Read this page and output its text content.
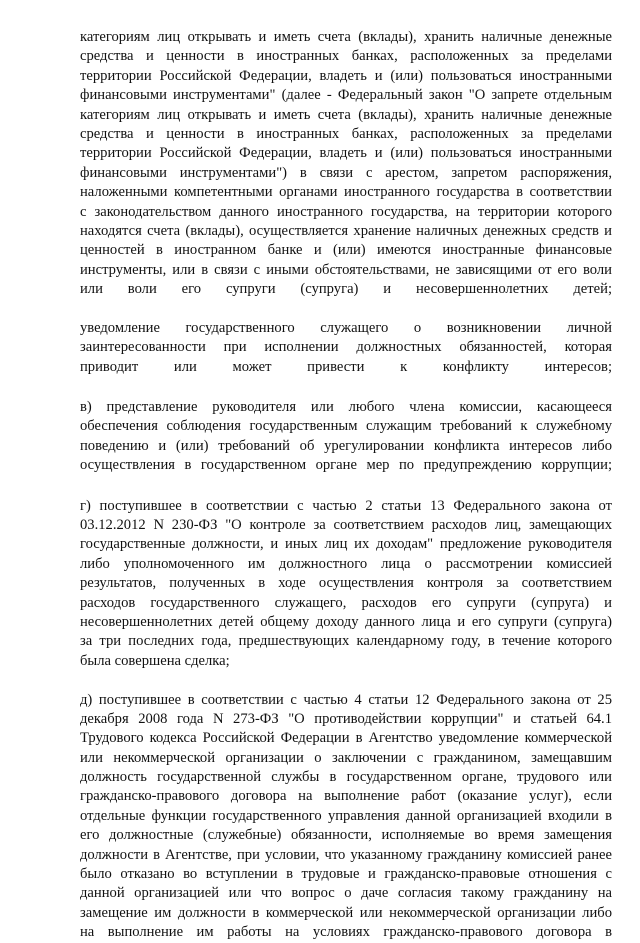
категориям лиц открывать и иметь счета (вклады), хранить наличные денежные
средства и ценности в иностранных банках, расположенных за пределами
территории Российской Федерации, владеть и (или) пользоваться иностранными
финансовыми инструментами" (далее - Федеральный закон "О запрете отдельным
категориям лиц открывать и иметь счета (вклады), хранить наличные денежные
средства и ценности в иностранных банках, расположенных за пределами
территории Российской Федерации, владеть и (или) пользоваться иностранными
финансовыми инструментами") в связи с арестом, запретом распоряжения,
наложенными компетентными органами иностранного государства в соответствии
с законодательством данного иностранного государства, на территории которого
находятся счета (вклады), осуществляется хранение наличных денежных средств и
ценностей в иностранном банке и (или) имеются иностранные финансовые
инструменты, или в связи с иными обстоятельствами, не зависящими от его воли
или воли его супруги (супруга) и несовершеннолетних детей;
уведомление государственного служащего о возникновении личной
заинтересованности при исполнении должностных обязанностей, которая
приводит или может привести к конфликту интересов;
в) представление руководителя или любого члена комиссии, касающееся
обеспечения соблюдения государственным служащим требований к служебному
поведению и (или) требований об урегулировании конфликта интересов либо
осуществления в государственном органе мер по предупреждению коррупции;
г) поступившее в соответствии с частью 2 статьи 13 Федерального закона от
03.12.2012 N 230-ФЗ "О контроле за соответствием расходов лиц, замещающих
государственные должности, и иных лиц их доходам" предложение руководителя
либо уполномоченного им должностного лица о рассмотрении комиссией
результатов, полученных в ходе осуществления контроля за соответствием
расходов государственного служащего, расходов его супруги (супруга) и
несовершеннолетних детей общему доходу данного лица и его супруги (супруга)
за три последних года, предшествующих календарному году, в течение которого
была совершена сделка;
д) поступившее в соответствии с частью 4 статьи 12 Федерального закона от 25
декабря 2008 года N 273-ФЗ "О противодействии коррупции" и статьей 64.1
Трудового кодекса Российской Федерации в Агентство уведомление коммерческой
или некоммерческой организации о заключении с гражданином, замещавшим
должность государственной службы в государственном органе, трудового или
гражданско-правового договора на выполнение работ (оказание услуг), если
отдельные функции государственного управления данной организацией входили в
его должностные (служебные) обязанности, исполняемые во время замещения
должности в Агентстве, при условии, что указанному гражданину комиссией ранее
было отказано во вступлении в трудовые и гражданско-правовые отношения с
данной организацией или что вопрос о даче согласия такому гражданину на
замещение им должности в коммерческой или некоммерческой организации либо
на выполнение им работы на условиях гражданско-правового договора в
